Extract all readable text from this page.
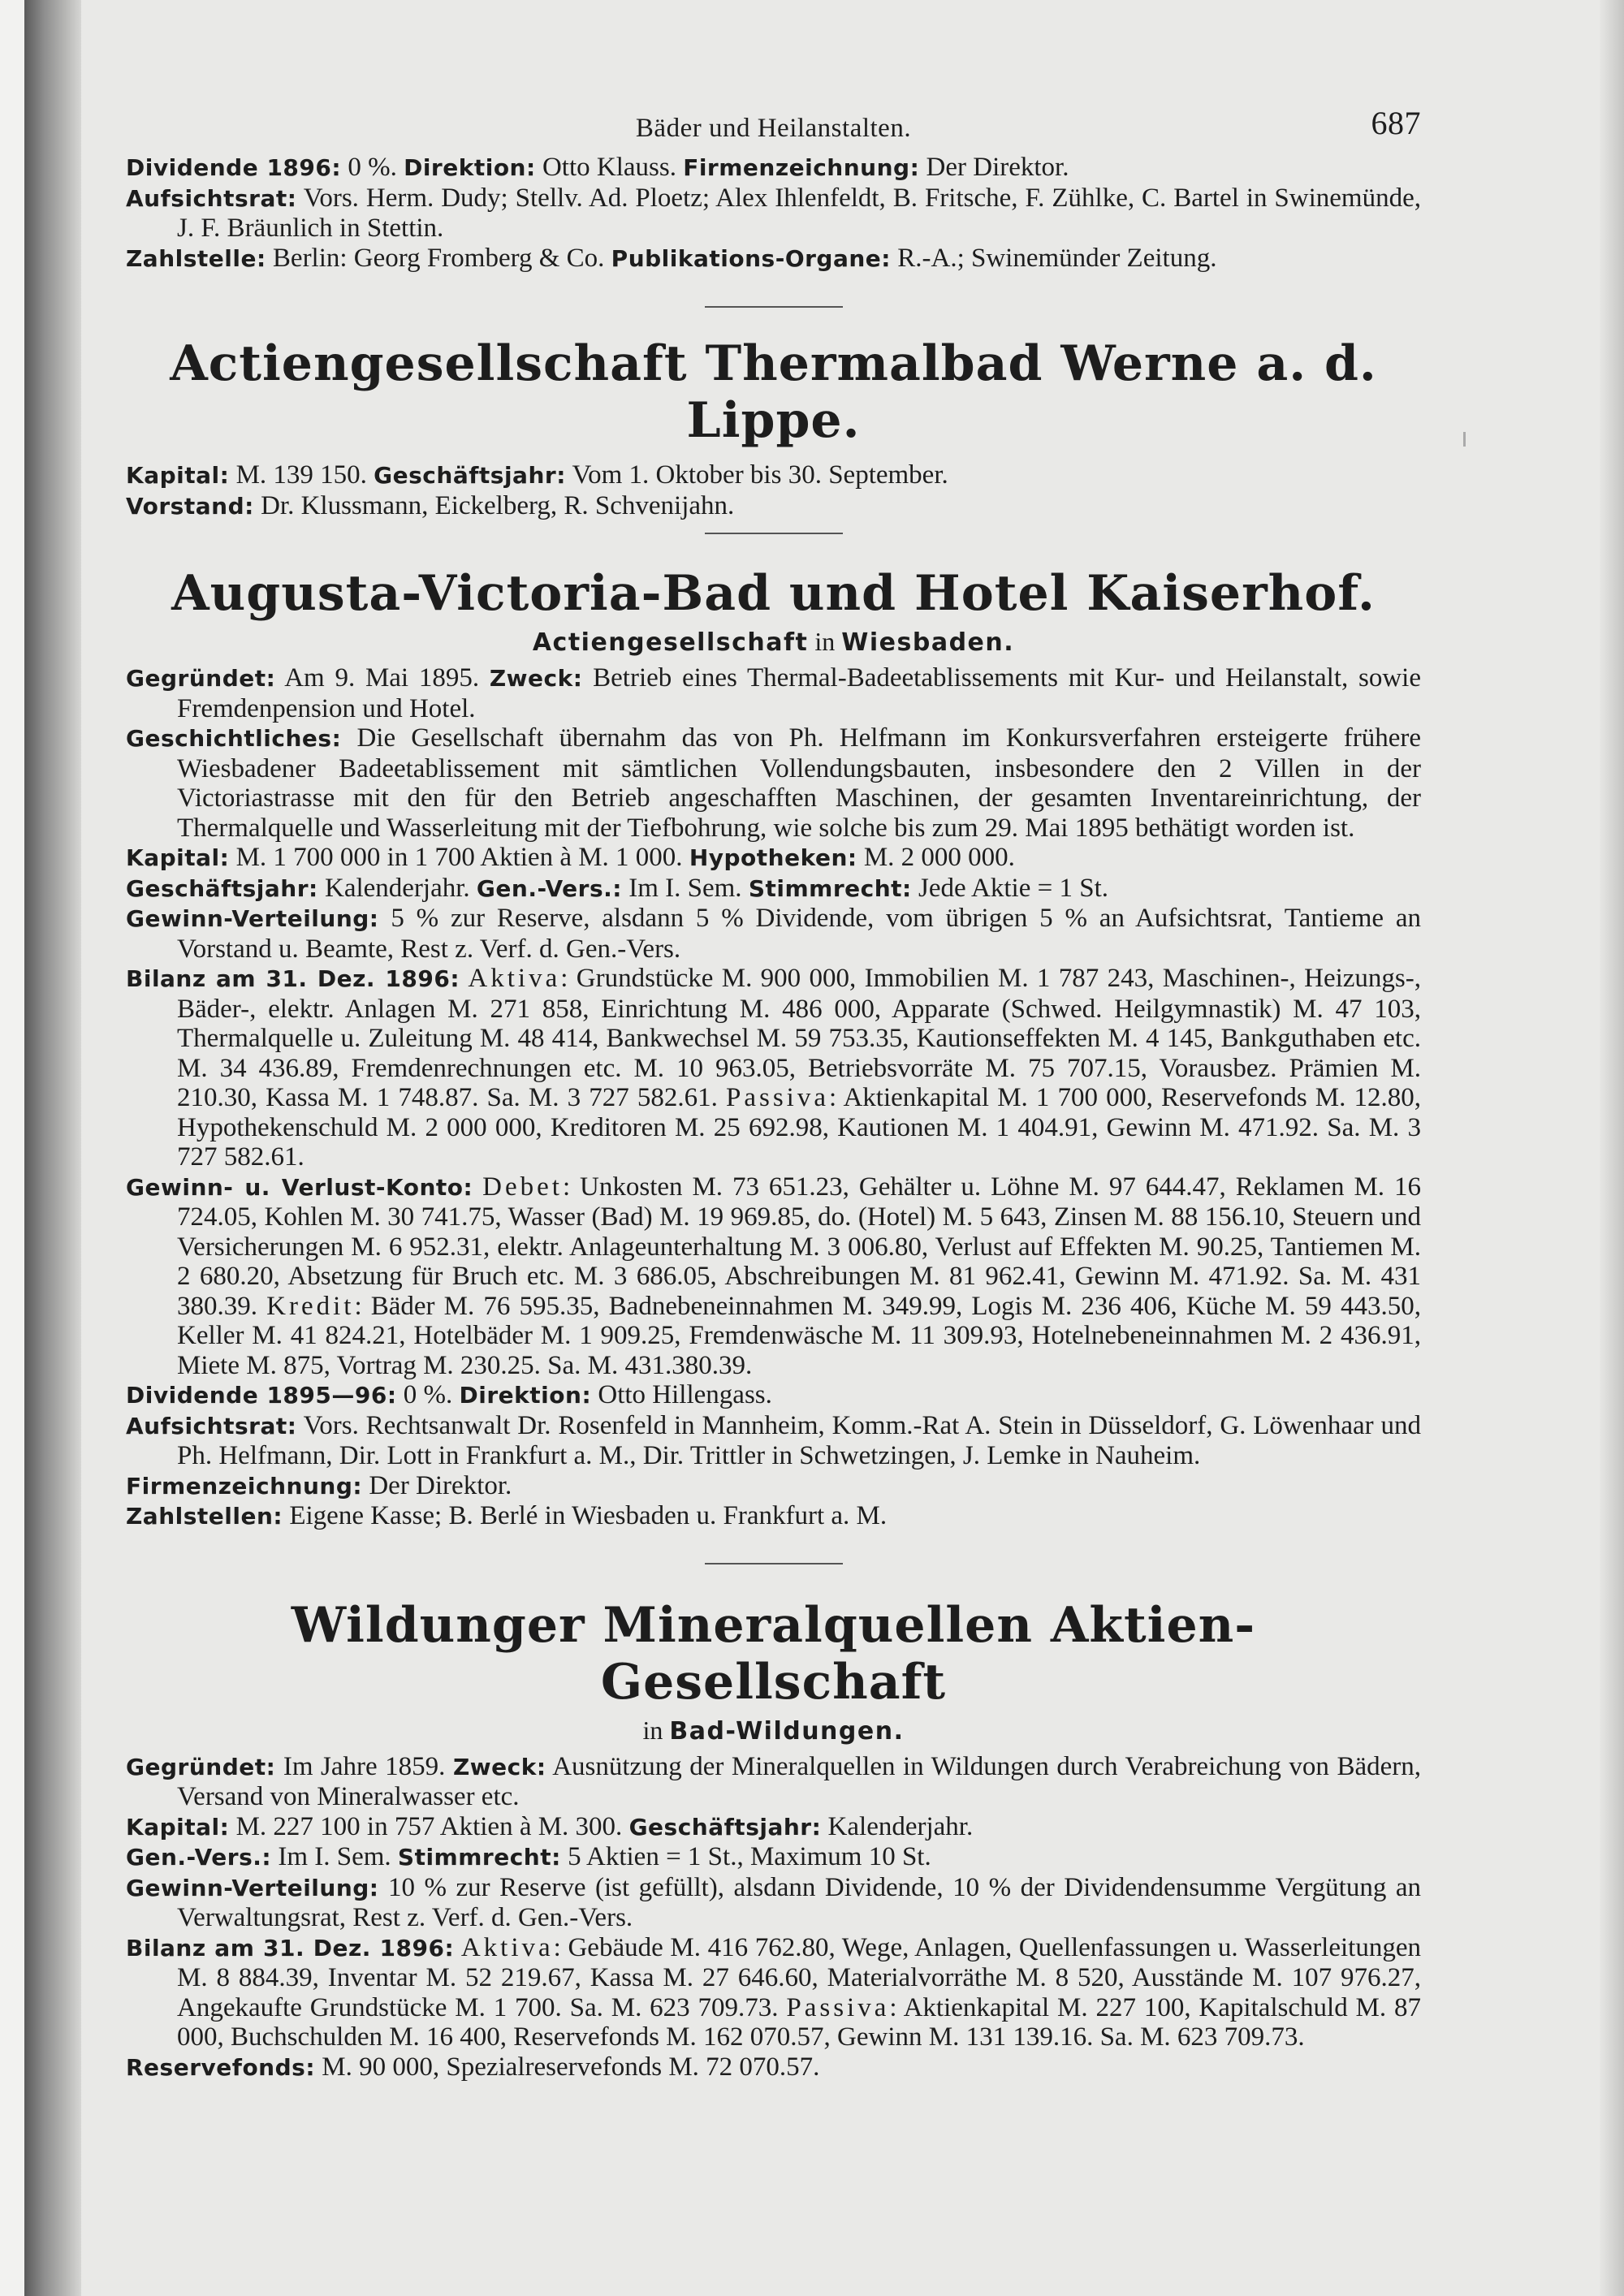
Bäder und Heilanstalten.	687

Dividende 1896: 0 %. Direktion: Otto Klauss. Firmenzeichnung: Der Direktor.

Aufsichtsrat: Vors. Herm. Dudy; Stellv. Ad. Ploetz; Alex Ihlenfeldt, B. Fritsche, F. Zühlke, C. Bartel in Swinemünde, J. F. Bräunlich in Stettin.

Zahlstelle: Berlin: Georg Fromberg & Co. Publikations-Organe: R.-A.; Swinemünder Zeitung.

Actiengesellschaft Thermalbad Werne a. d. Lippe.

Kapital: M. 139 150. Geschäftsjahr: Vom 1. Oktober bis 30. September.

Vorstand: Dr. Klussmann, Eickelberg, R. Schvenijahn.

Augusta-Victoria-Bad und Hotel Kaiserhof.
Actiengesellschaft in Wiesbaden.

Gegründet: Am 9. Mai 1895. Zweck: Betrieb eines Thermal-Badeetablissements mit Kur- und Heilanstalt, sowie Fremdenpension und Hotel.

Geschichtliches: Die Gesellschaft übernahm das von Ph. Helfmann im Konkursverfahren ersteigerte frühere Wiesbadener Badeetablissement mit sämtlichen Vollendungsbauten, insbesondere den 2 Villen in der Victoriastrasse mit den für den Betrieb angeschafften Maschinen, der gesamten Inventareinrichtung, der Thermalquelle und Wasserleitung mit der Tiefbohrung, wie solche bis zum 29. Mai 1895 bethätigt worden ist.

Kapital: M. 1 700 000 in 1 700 Aktien à M. 1 000. Hypotheken: M. 2 000 000.

Geschäftsjahr: Kalenderjahr. Gen.-Vers.: Im I. Sem. Stimmrecht: Jede Aktie = 1 St.

Gewinn-Verteilung: 5 % zur Reserve, alsdann 5 % Dividende, vom übrigen 5 % an Aufsichtsrat, Tantieme an Vorstand u. Beamte, Rest z. Verf. d. Gen.-Vers.

Bilanz am 31. Dez. 1896: Aktiva: Grundstücke M. 900 000, Immobilien M. 1 787 243, Maschinen-, Heizungs-, Bäder-, elektr. Anlagen M. 271 858, Einrichtung M. 486 000, Apparate (Schwed. Heilgymnastik) M. 47 103, Thermalquelle u. Zuleitung M. 48 414, Bankwechsel M. 59 753.35, Kautionseffekten M. 4 145, Bankguthaben etc. M. 34 436.89, Fremdenrechnungen etc. M. 10 963.05, Betriebsvorräte M. 75 707.15, Vorausbez. Prämien M. 210.30, Kassa M. 1 748.87. Sa. M. 3 727 582.61. Passiva: Aktienkapital M. 1 700 000, Reservefonds M. 12.80, Hypothekenschuld M. 2 000 000, Kreditoren M. 25 692.98, Kautionen M. 1 404.91, Gewinn M. 471.92. Sa. M. 3 727 582.61.

Gewinn- u. Verlust-Konto: Debet: Unkosten M. 73 651.23, Gehälter u. Löhne M. 97 644.47, Reklamen M. 16 724.05, Kohlen M. 30 741.75, Wasser (Bad) M. 19 969.85, do. (Hotel) M. 5 643, Zinsen M. 88 156.10, Steuern und Versicherungen M. 6 952.31, elektr. Anlageunterhaltung M. 3 006.80, Verlust auf Effekten M. 90.25, Tantiemen M. 2 680.20, Absetzung für Bruch etc. M. 3 686.05, Abschreibungen M. 81 962.41, Gewinn M. 471.92. Sa. M. 431 380.39. Kredit: Bäder M. 76 595.35, Badnebeneinnahmen M. 349.99, Logis M. 236 406, Küche M. 59 443.50, Keller M. 41 824.21, Hotelbäder M. 1 909.25, Fremdenwäsche M. 11 309.93, Hotelnebeneinnahmen M. 2 436.91, Miete M. 875, Vortrag M. 230.25. Sa. M. 431.380.39.

Dividende 1895—96: 0 %. Direktion: Otto Hillengass.

Aufsichtsrat: Vors. Rechtsanwalt Dr. Rosenfeld in Mannheim, Komm.-Rat A. Stein in Düsseldorf, G. Löwenhaar und Ph. Helfmann, Dir. Lott in Frankfurt a. M., Dir. Trittler in Schwetzingen, J. Lemke in Nauheim.

Firmenzeichnung: Der Direktor.

Zahlstellen: Eigene Kasse; B. Berlé in Wiesbaden u. Frankfurt a. M.

Wildunger Mineralquellen Aktien-Gesellschaft
in Bad-Wildungen.

Gegründet: Im Jahre 1859. Zweck: Ausnützung der Mineralquellen in Wildungen durch Verabreichung von Bädern, Versand von Mineralwasser etc.

Kapital: M. 227 100 in 757 Aktien à M. 300. Geschäftsjahr: Kalenderjahr.

Gen.-Vers.: Im I. Sem. Stimmrecht: 5 Aktien = 1 St., Maximum 10 St.

Gewinn-Verteilung: 10 % zur Reserve (ist gefüllt), alsdann Dividende, 10 % der Dividendensumme Vergütung an Verwaltungsrat, Rest z. Verf. d. Gen.-Vers.

Bilanz am 31. Dez. 1896: Aktiva: Gebäude M. 416 762.80, Wege, Anlagen, Quellenfassungen u. Wasserleitungen M. 8 884.39, Inventar M. 52 219.67, Kassa M. 27 646.60, Materialvorräthe M. 8 520, Ausstände M. 107 976.27, Angekaufte Grundstücke M. 1 700. Sa. M. 623 709.73. Passiva: Aktienkapital M. 227 100, Kapitalschuld M. 87 000, Buchschulden M. 16 400, Reservefonds M. 162 070.57, Gewinn M. 131 139.16. Sa. M. 623 709.73.

Reservefonds: M. 90 000, Spezialreservefonds M. 72 070.57.
